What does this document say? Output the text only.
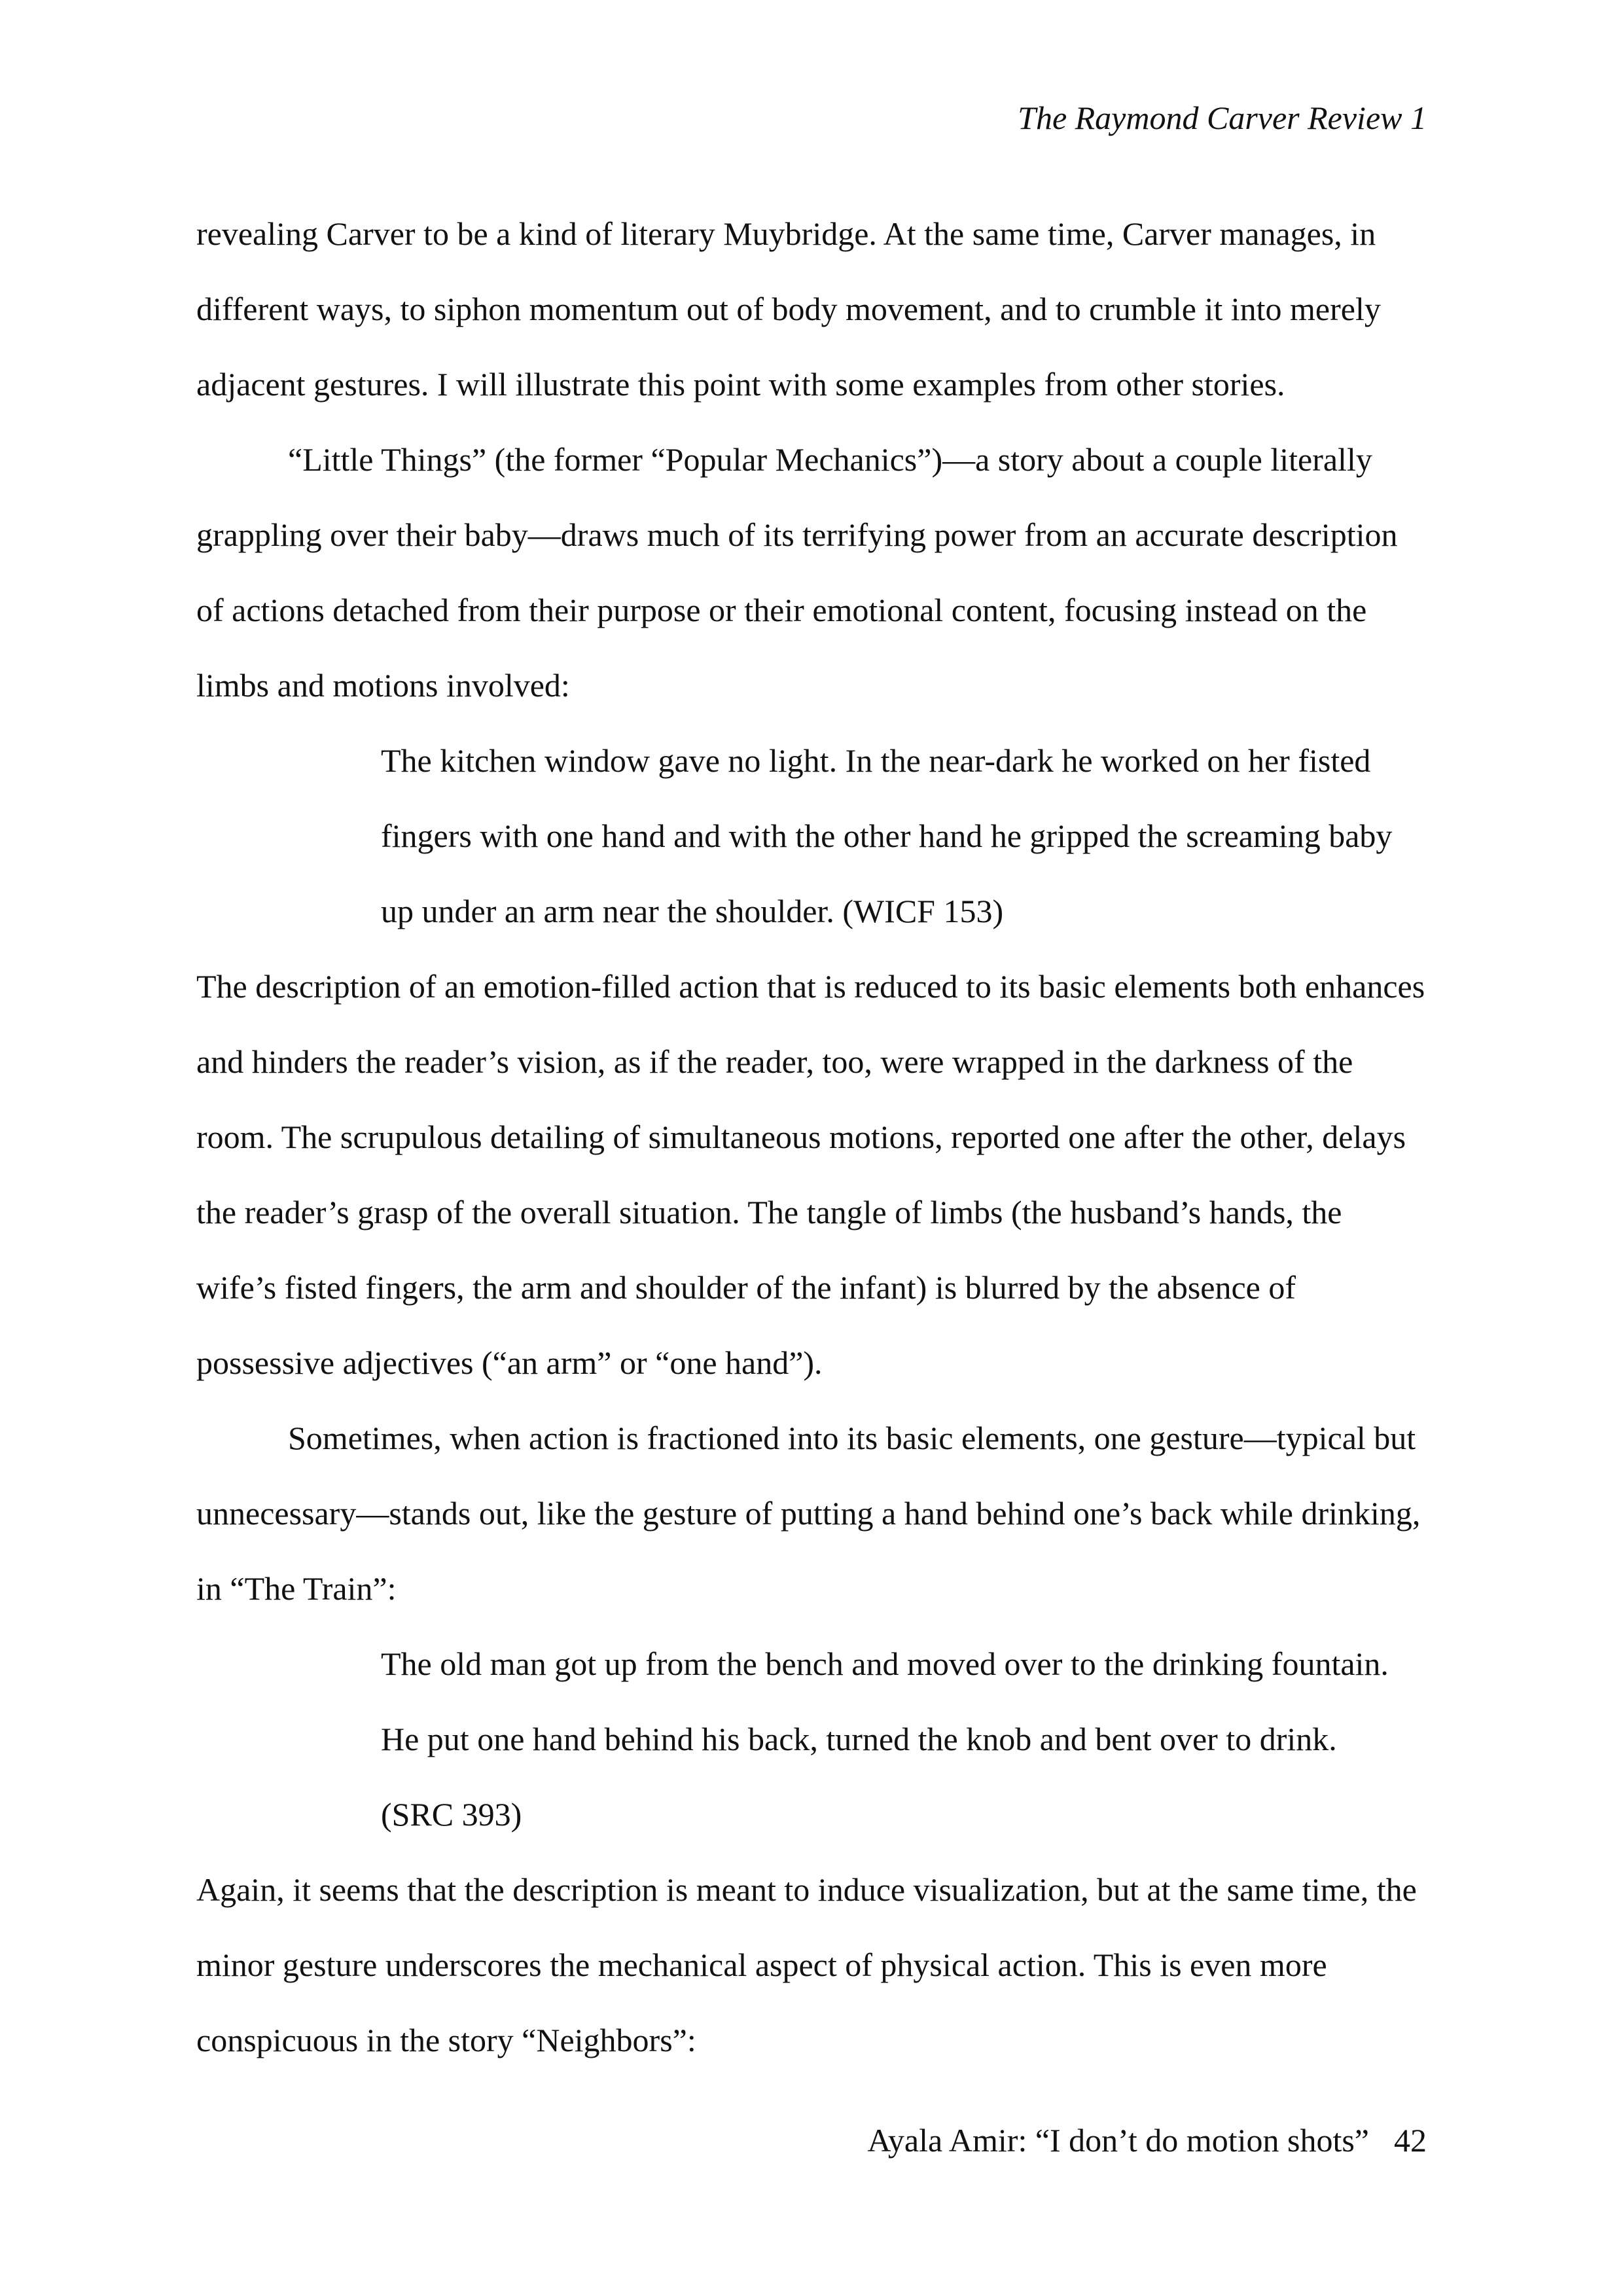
The Raymond Carver Review 1

revealing Carver to be a kind of literary Muybridge. At the same time, Carver manages, in
different ways, to siphon momentum out of body movement, and to crumble it into merely
adjacent gestures. I will illustrate this point with some examples from other stories.

“Little Things” (the former “Popular Mechanics”)—a story about a couple literally
grappling over their baby—draws much of its terrifying power from an accurate description
of actions detached from their purpose or their emotional content, focusing instead on the
limbs and motions involved:

The kitchen window gave no light. In the near-dark he worked on her fisted
fingers with one hand and with the other hand he gripped the screaming baby
up under an arm near the shoulder. (WICF 153)

The description of an emotion-filled action that is reduced to its basic elements both enhances
and hinders the reader’s vision, as if the reader, too, were wrapped in the darkness of the
room. The scrupulous detailing of simultaneous motions, reported one after the other, delays
the reader’s grasp of the overall situation. The tangle of limbs (the husband’s hands, the
wife’s fisted fingers, the arm and shoulder of the infant) is blurred by the absence of
possessive adjectives (“an arm” or “one hand”).

Sometimes, when action is fractioned into its basic elements, one gesture—typical but
unnecessary—stands out, like the gesture of putting a hand behind one’s back while drinking,
in “The Train”:

The old man got up from the bench and moved over to the drinking fountain.
He put one hand behind his back, turned the knob and bent over to drink.
(SRC 393)

Again, it seems that the description is meant to induce visualization, but at the same time, the
minor gesture underscores the mechanical aspect of physical action. This is even more
conspicuous in the story “Neighbors”:

Ayala Amir: “I don’t do motion shots” 42
